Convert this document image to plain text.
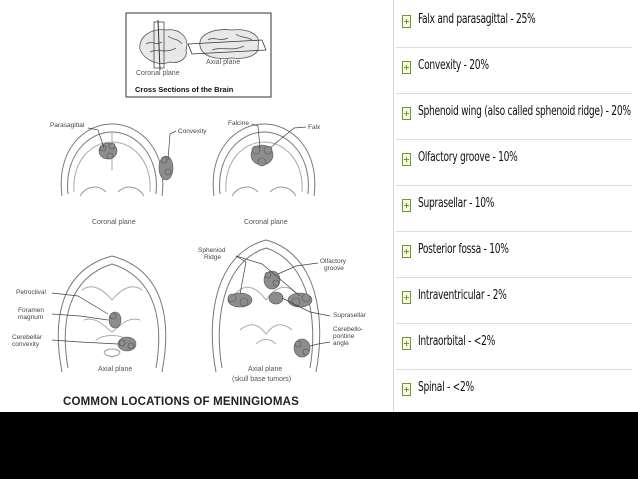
Axial plane
Coronal plane
Cross Sections of the Brain
Parasagittal
Convexity
Coronal plane
Falcine
Falx
Coronal plane
Petroclival
Foramen
magnum
Cerebellar
convexity
Axial plane
Spheniod
Ridge
Olfactory
groove
Suprasellar
Cerebello-
pontine
angle
Axial plane
(skull base tumors)
COMMON LOCATIONS OF MENINGIOMAS
Falx and parasagittal - 25%
Convexity - 20%
Sphenoid wing (also called sphenoid ridge) - 20%
Olfactory groove - 10%
Suprasellar - 10%
Posterior fossa - 10%
Intraventricular - 2%
Intraorbital - <2%
Spinal - <2%
